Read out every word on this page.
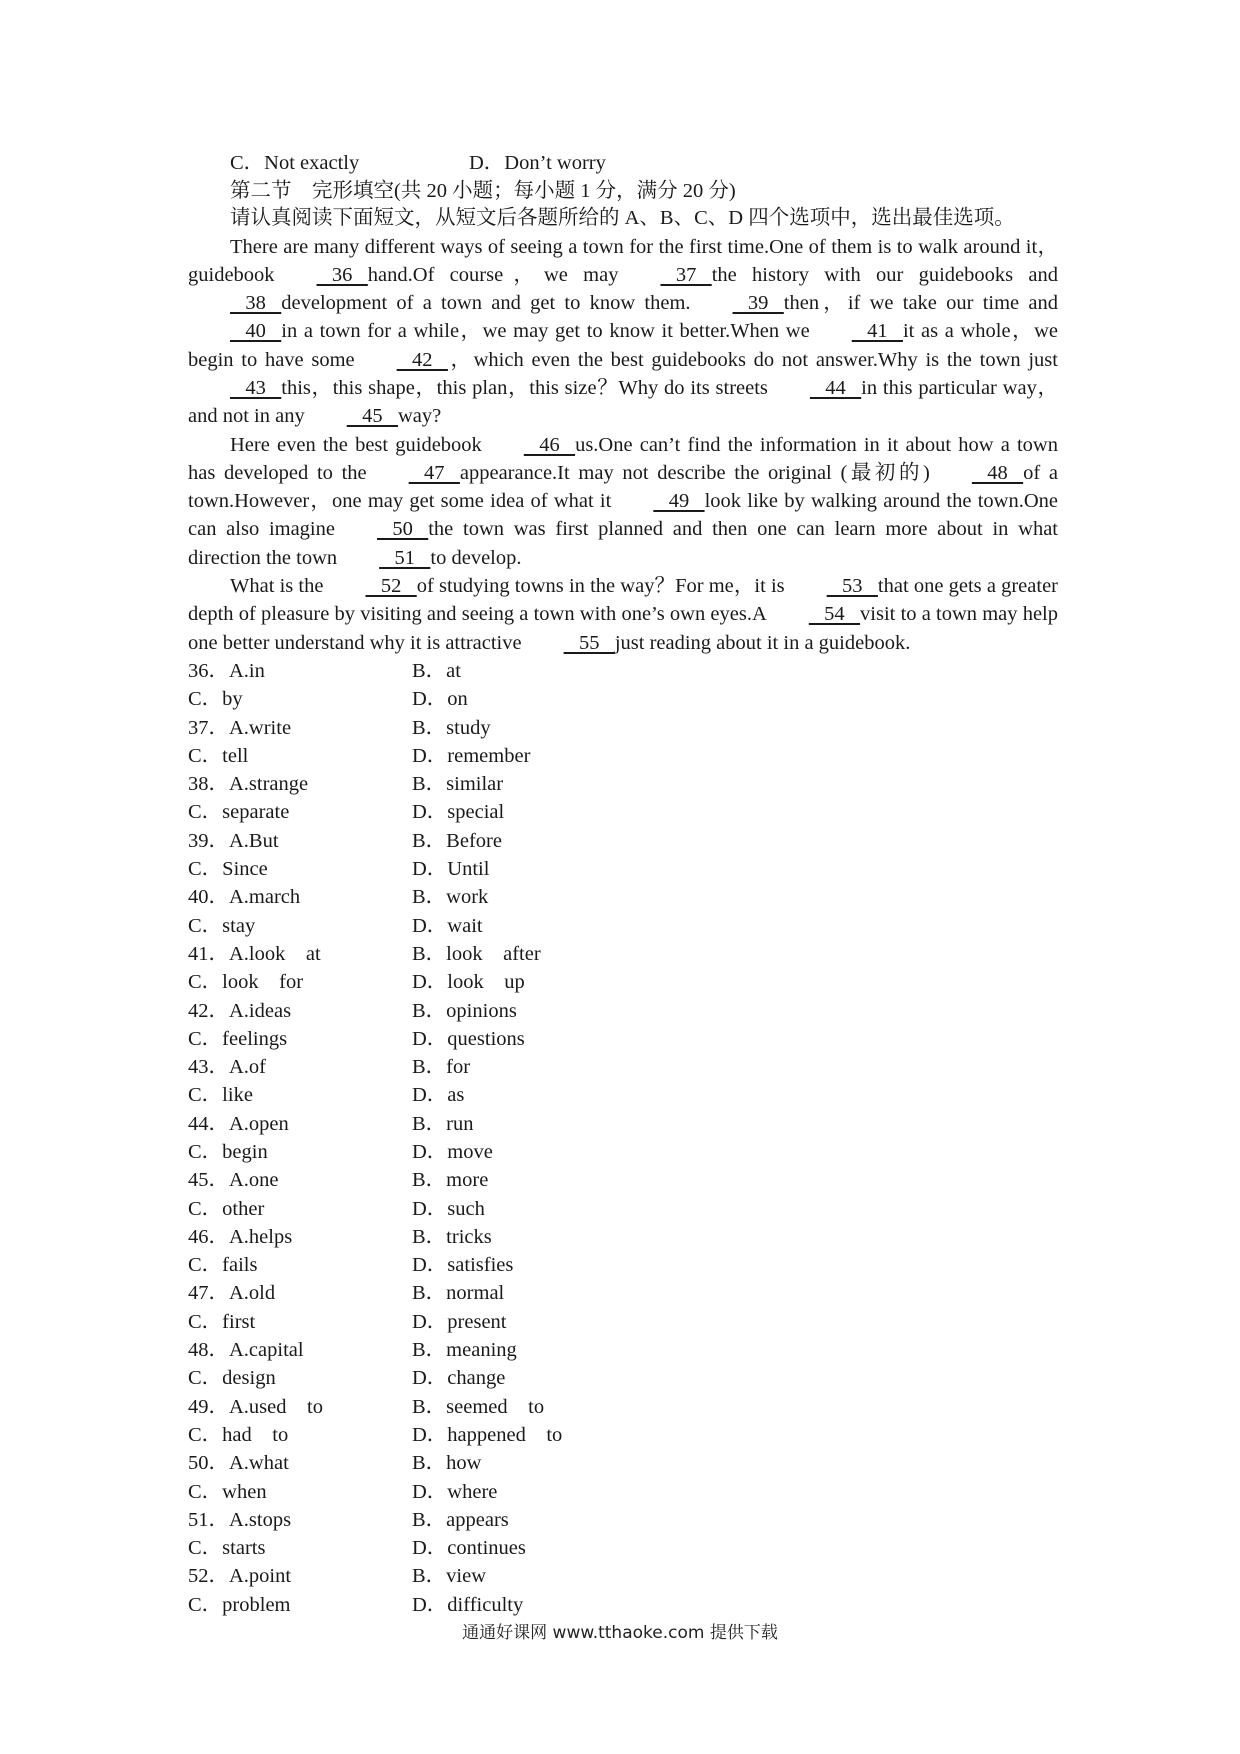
C．Not exactly	D．Don’t worry
第二节　完形填空(共 20 小题；每小题 1 分，满分 20 分)
请认真阅读下面短文，从短文后各题所给的 A、B、C、D 四个选项中，选出最佳选项。

There are many different ways of seeing a town for the first time.One of them is to walk around it，guidebook   36   hand.Of course，we may   37   the history with our guidebooks and   38   development of a town and get to know them.   39   then，if we take our time and   40   in a town for a while，we may get to know it better.When we   41   it as a whole，we begin to have some   42   ，which even the best guidebooks do not answer.Why is the town just   43   this，this shape，this plan，this size？Why do its streets   44   in this particular way，and not in any   45   way?

Here even the best guidebook   46   us.One can’t find the information in it about how a town has developed to the   47   appearance.It may not describe the original (最初的)   48   of a town.However，one may get some idea of what it   49   look like by walking around the town.One can also imagine   50   the town was first planned and then one can learn more about in what direction the town   51   to develop.

What is the   52   of studying towns in the way？For me，it is   53   that one gets a greater depth of pleasure by visiting and seeing a town with one’s own eyes.A   54   visit to a town may help one better understand why it is attractive   55   just reading about it in a guidebook.

36．A.in	B．at
C．by	D．on
37．A.write	B．study
C．tell	D．remember
38．A.strange	B．similar
C．separate	D．special
39．A.But	B．Before
C．Since	D．Until
40．A.march	B．work
C．stay	D．wait
41．A.look　at	B．look　after
C．look　for	D．look　up
42．A.ideas	B．opinions
C．feelings	D．questions
43．A.of	B．for
C．like	D．as
44．A.open	B．run
C．begin	D．move
45．A.one	B．more
C．other	D．such
46．A.helps	B．tricks
C．fails	D．satisfies
47．A.old	B．normal
C．first	D．present
48．A.capital	B．meaning
C．design	D．change
49．A.used　to	B．seemed　to
C．had　to	D．happened　to
50．A.what	B．how
C．when	D．where
51．A.stops	B．appears
C．starts	D．continues
52．A.point	B．view
C．problem	D．difficulty
通通好课网 www.tthaoke.com 提供下载
